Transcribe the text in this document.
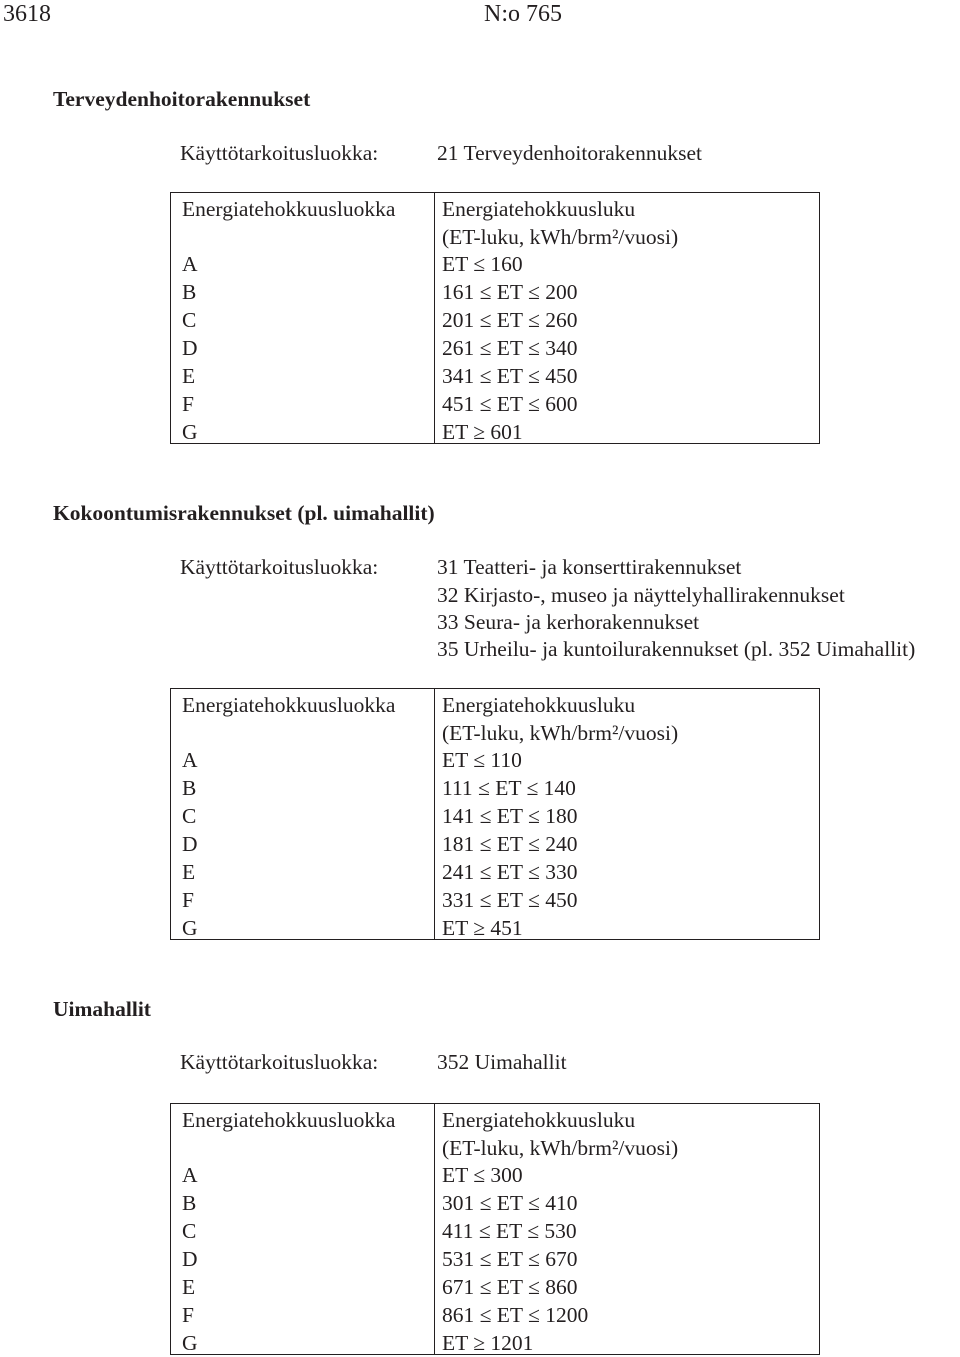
3618	N:o 765
Terveydenhoitorakennukset
Käyttötarkoitusluokka:	21 Terveydenhoitorakennukset
Energiatehokkuusluokka Energiatehokkuusluku
(ET-luku, kWh/brm²/vuosi)
A	ET ≤ 160
B	161 ≤ ET ≤ 200
C	201 ≤ ET ≤ 260
D	261 ≤ ET ≤ 340
E	341 ≤ ET ≤ 450
F	451 ≤ ET ≤ 600
G	ET ≥ 601
Kokoontumisrakennukset (pl. uimahallit)
Käyttötarkoitusluokka:	31 Teatteri- ja konserttirakennukset
32 Kirjasto-, museo ja näyttelyhallirakennukset
33 Seura- ja kerhorakennukset
35 Urheilu- ja kuntoilurakennukset (pl. 352 Uimahallit)
Energiatehokkuusluokka Energiatehokkuusluku
(ET-luku, kWh/brm²/vuosi)
A	ET ≤ 110
B	111 ≤ ET ≤ 140
C	141 ≤ ET ≤ 180
D	181 ≤ ET ≤ 240
E	241 ≤ ET ≤ 330
F	331 ≤ ET ≤ 450
G	ET ≥ 451
Uimahallit
Käyttötarkoitusluokka:	352 Uimahallit
Energiatehokkuusluokka Energiatehokkuusluku
(ET-luku, kWh/brm²/vuosi)
A	ET ≤ 300
B	301 ≤ ET ≤ 410
C	411 ≤ ET ≤ 530
D	531 ≤ ET ≤ 670
E	671 ≤ ET ≤ 860
F	861 ≤ ET ≤ 1200
G	ET ≥ 1201
